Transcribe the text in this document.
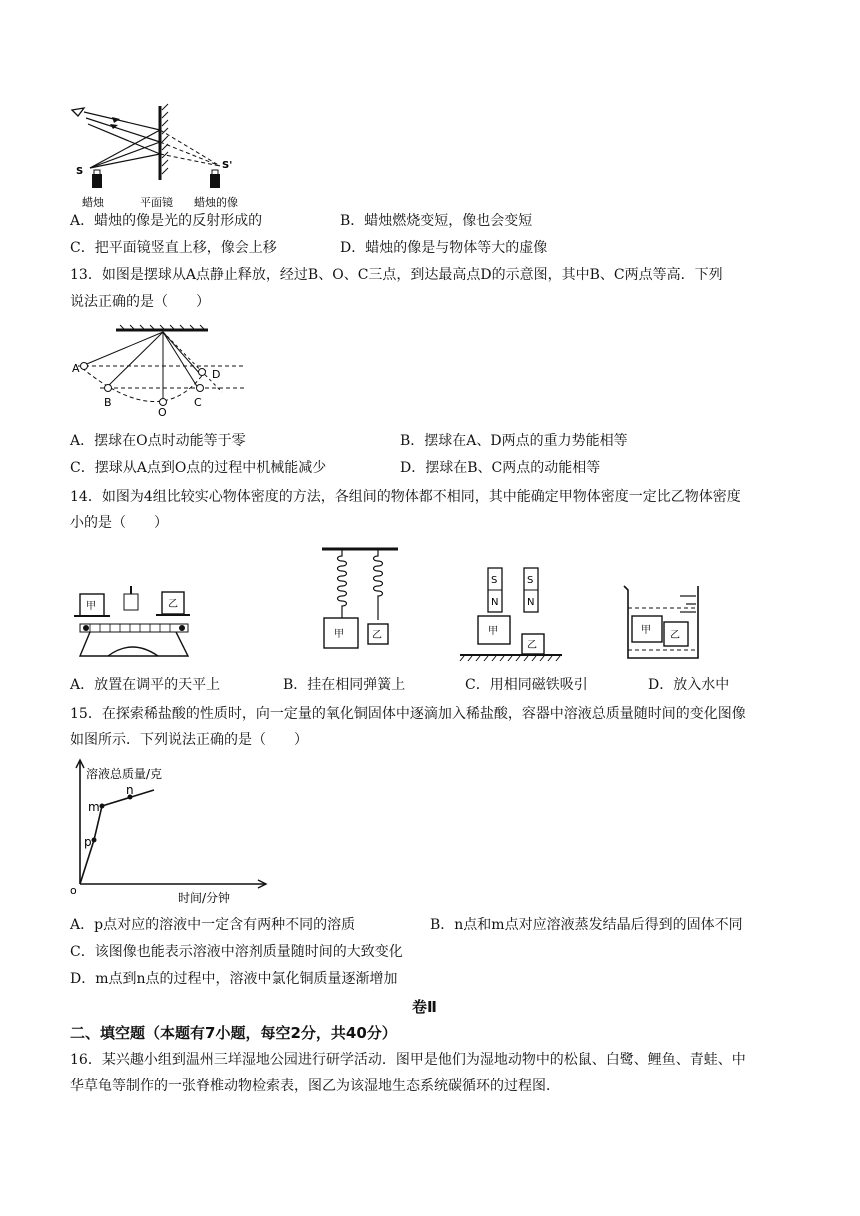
S
S'
蜡烛	平面镜 蜡烛的像
A．蜡烛的像是光的反射形成的	B．蜡烛燃烧变短，像也会变短
C．把平面镜竖直上移，像会上移	D．蜡烛的像是与物体等大的虚像
13．如图是摆球从A点静止释放，经过B、O、C三点，到达最高点D的示意图，其中B、C两点等高．下列
说法正确的是（　　）
A
B
O
C
D
A．摆球在O点时动能等于零	B．摆球在A、D两点的重力势能相等
C．摆球从A点到O点的过程中机械能减少	D．摆球在B、C两点的动能相等
14．如图为4组比较实心物体密度的方法，各组间的物体都不相同，其中能确定甲物体密度一定比乙物体密度
小的是（　　）
甲	乙
甲	乙
S
N
S
N
甲
乙
甲 乙
A．放置在调平的天平上	B．挂在相同弹簧上	C．用相同磁铁吸引	D．放入水中
15．在探索稀盐酸的性质时，向一定量的氧化铜固体中逐滴加入稀盐酸，容器中溶液总质量随时间的变化图像
如图所示．下列说法正确的是（　　）
溶液总质量/克
时间/分钟
o
p
m
n
A．p点对应的溶液中一定含有两种不同的溶质	B．n点和m点对应溶液蒸发结晶后得到的固体不同
C．该图像也能表示溶液中溶剂质量随时间的大致变化
D．m点到n点的过程中，溶液中氯化铜质量逐渐增加
卷Ⅱ
二、填空题（本题有7小题，每空2分，共40分）
16．某兴趣小组到温州三垟湿地公园进行研学活动．图甲是他们为湿地动物中的松鼠、白鹭、鲤鱼、青蛙、中
华草龟等制作的一张脊椎动物检索表，图乙为该湿地生态系统碳循环的过程图．
